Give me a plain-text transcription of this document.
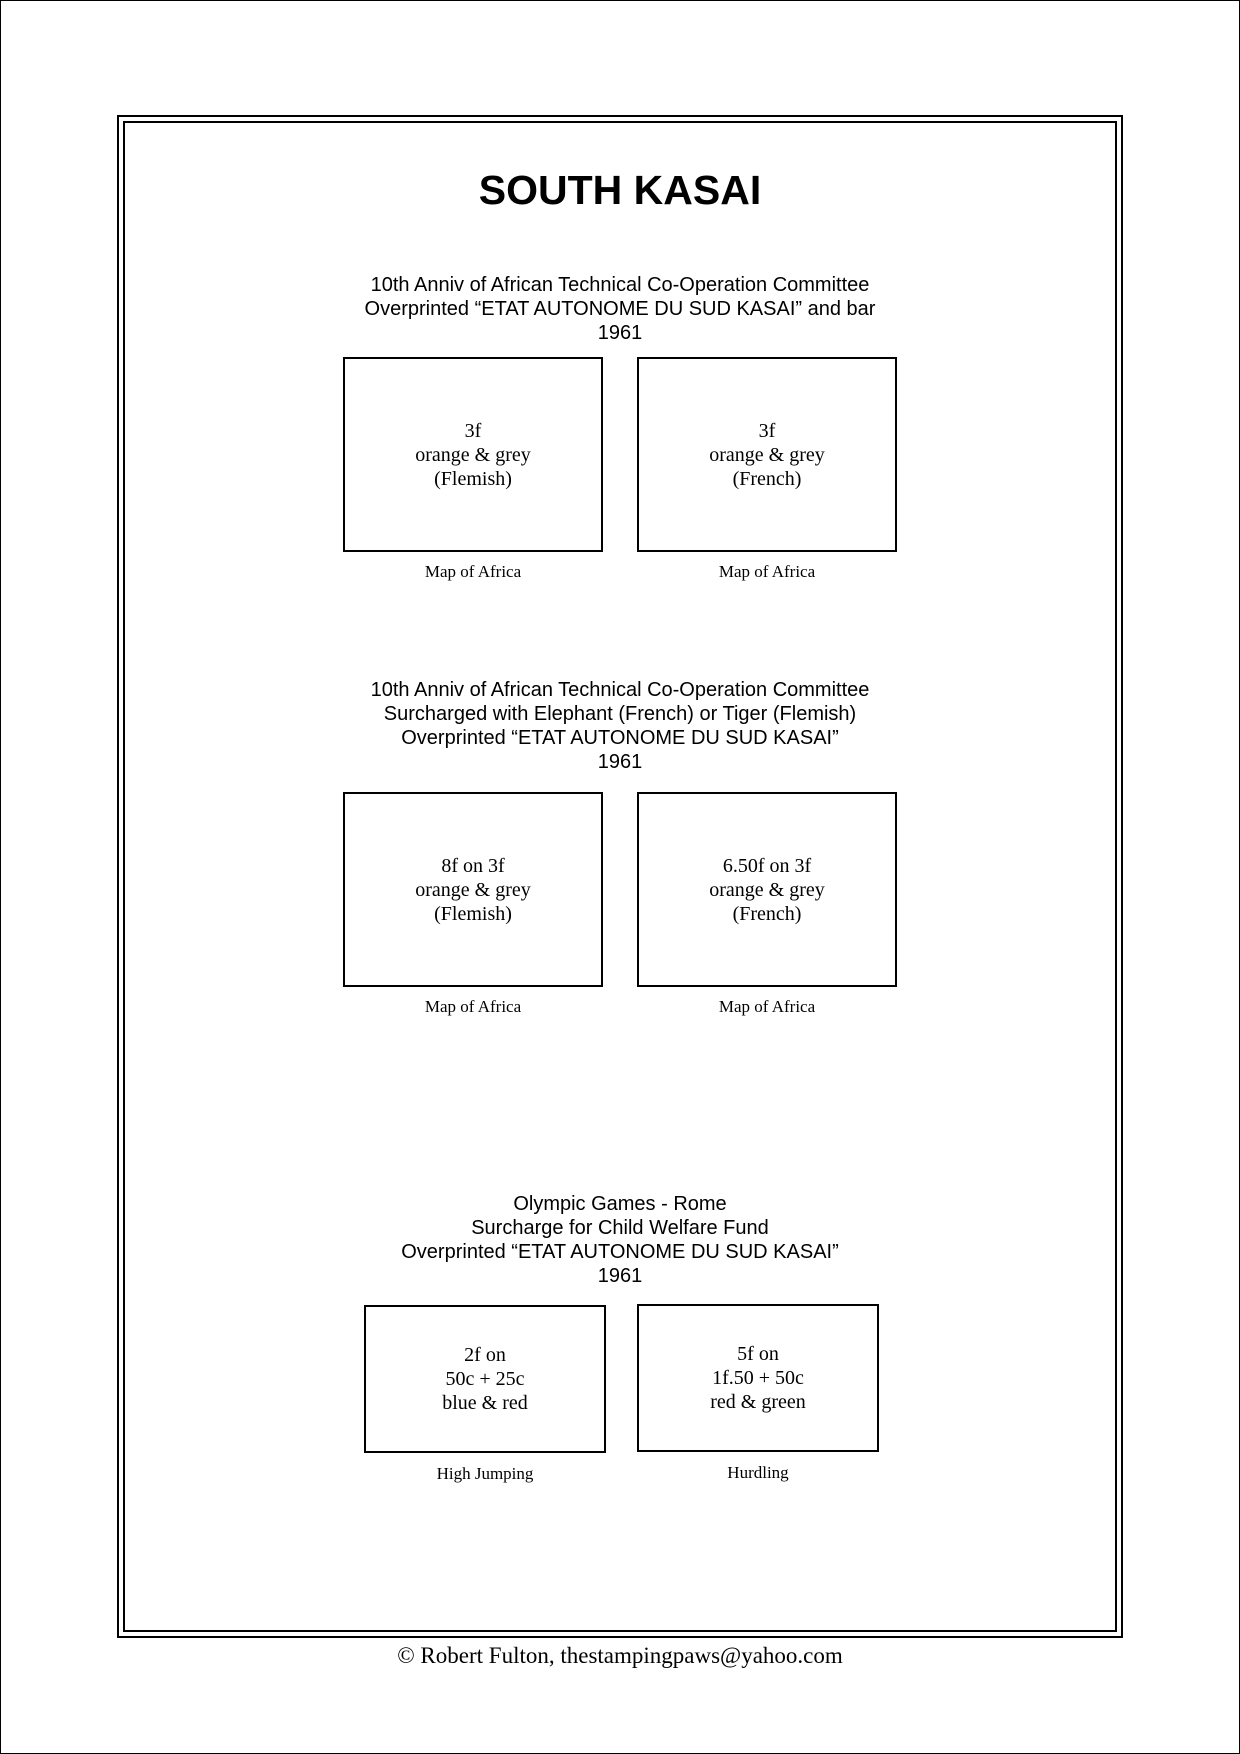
SOUTH KASAI
10th Anniv of African Technical Co-Operation Committee
Overprinted “ETAT AUTONOME DU SUD KASAI” and bar
1961
3f
orange & grey
(Flemish)
3f
orange & grey
(French)
Map of Africa	Map of Africa
10th Anniv of African Technical Co-Operation Committee
Surcharged with Elephant (French) or Tiger (Flemish)
Overprinted “ETAT AUTONOME DU SUD KASAI”
1961
8f on 3f
orange & grey
(Flemish)
6.50f on 3f
orange & grey
(French)
Map of Africa	Map of Africa
Olympic Games - Rome
Surcharge for Child Welfare Fund
Overprinted “ETAT AUTONOME DU SUD KASAI”
1961
2f on
50c + 25c
blue & red
5f on
1f.50 + 50c
red & green
High Jumping	Hurdling
© Robert Fulton, thestampingpaws@yahoo.com
